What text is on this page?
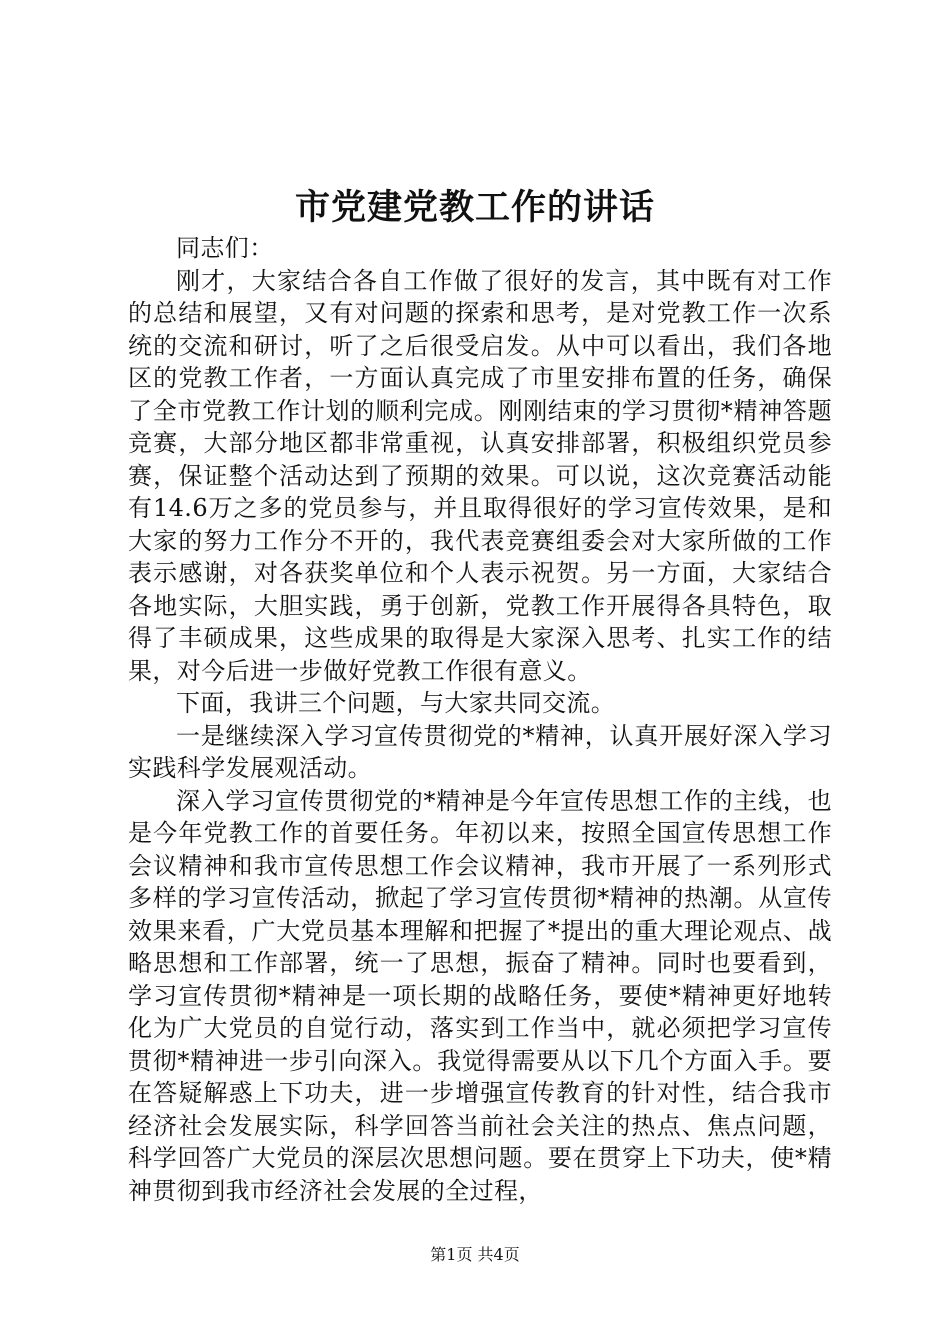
市党建党教工作的讲话

同志们：

刚才，大家结合各自工作做了很好的发言，其中既有对工作的总结和展望，又有对问题的探索和思考，是对党教工作一次系统的交流和研讨，听了之后很受启发。从中可以看出，我们各地区的党教工作者，一方面认真完成了市里安排布置的任务，确保了全市党教工作计划的顺利完成。刚刚结束的学习贯彻*精神答题竞赛，大部分地区都非常重视，认真安排部署，积极组织党员参赛，保证整个活动达到了预期的效果。可以说，这次竞赛活动能有14.6万之多的党员参与，并且取得很好的学习宣传效果，是和大家的努力工作分不开的，我代表竞赛组委会对大家所做的工作表示感谢，对各获奖单位和个人表示祝贺。另一方面，大家结合各地实际，大胆实践，勇于创新，党教工作开展得各具特色，取得了丰硕成果，这些成果的取得是大家深入思考、扎实工作的结果，对今后进一步做好党教工作很有意义。

下面，我讲三个问题，与大家共同交流。

一是继续深入学习宣传贯彻党的*精神，认真开展好深入学习实践科学发展观活动。

深入学习宣传贯彻党的*精神是今年宣传思想工作的主线，也是今年党教工作的首要任务。年初以来，按照全国宣传思想工作会议精神和我市宣传思想工作会议精神，我市开展了一系列形式多样的学习宣传活动，掀起了学习宣传贯彻*精神的热潮。从宣传效果来看，广大党员基本理解和把握了*提出的重大理论观点、战略思想和工作部署，统一了思想，振奋了精神。同时也要看到，学习宣传贯彻*精神是一项长期的战略任务，要使*精神更好地转化为广大党员的自觉行动，落实到工作当中，就必须把学习宣传贯彻*精神进一步引向深入。我觉得需要从以下几个方面入手。要在答疑解惑上下功夫，进一步增强宣传教育的针对性，结合我市经济社会发展实际，科学回答当前社会关注的热点、焦点问题，科学回答广大党员的深层次思想问题。要在贯穿上下功夫，使*精神贯彻到我市经济社会发展的全过程，

第1页 共4页
